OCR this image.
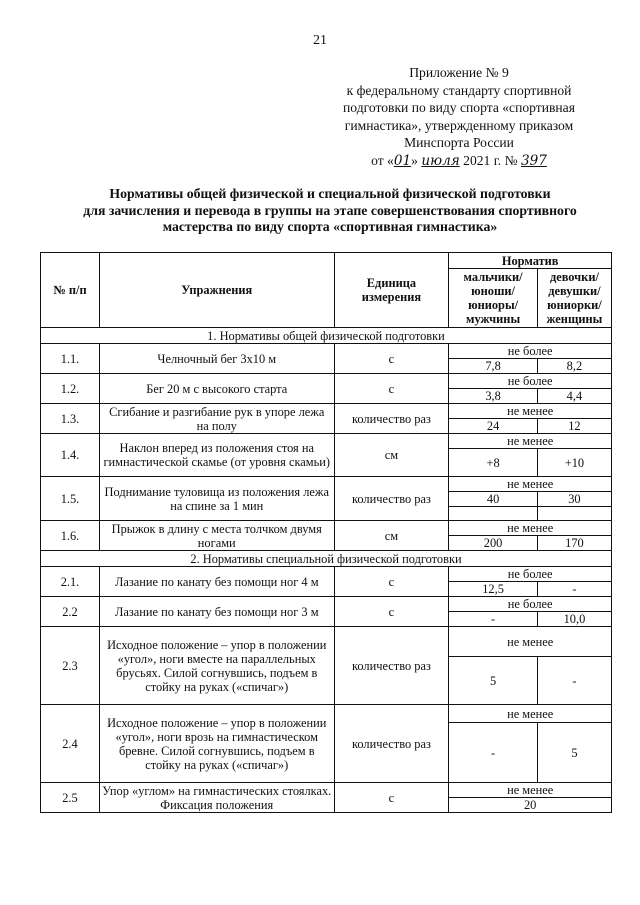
21
Приложение № 9
к федеральному стандарту спортивной
подготовки по виду спорта «спортивная
гимнастика», утвержденному приказом
Минспорта России
от «01» июля 2021 г. № 397
Нормативы общей физической и специальной физической подготовки
для зачисления и перевода в группы на этапе совершенствования спортивного
мастерства по виду спорта «спортивная гимнастика»
№ п/п	Упражнения	Единица измерения	Норматив	
			мальчики/ юноши/ юниоры/ мужчины	девочки/ девушки/ юниорки/ женщины
1. Нормативы общей физической подготовки				
1.1.	Челночный бег 3х10 м	с	не более	
			7,8	8,2
1.2.	Бег 20 м с высокого старта	с	не более	
			3,8	4,4
1.3.	Сгибание и разгибание рук в упоре лежа на полу	количество раз	не менее	
			24	12
1.4.	Наклон вперед из положения стоя на гимнастической скамье (от уровня скамьи)	см	не менее	
			+8	+10
1.5.	Поднимание туловища из положения лежа на спине за 1 мин	количество раз	не менее	
			40	30

1.6.	Прыжок в длину с места толчком двумя ногами	см	не менее	
			200	170
2. Нормативы специальной физической подготовки				
2.1.	Лазание по канату без помощи ног 4 м	с	не более	
			12,5	-
2.2	Лазание по канату без помощи ног 3 м	с	не более	
			-	10,0
2.3	Исходное положение – упор в положении «угол», ноги вместе на параллельных брусьях. Силой согнувшись, подъем в стойку на руках («спичаг»)	количество раз	не менее	
			5	-
2.4	Исходное положение – упор в положении «угол», ноги врозь на гимнастическом бревне. Силой согнувшись, подъем в стойку на руках («спичаг»)	количество раз	не менее	
			-	5
2.5	Упор «углом» на гимнастических стоялках. Фиксация положения	с	не менее	
			20	
